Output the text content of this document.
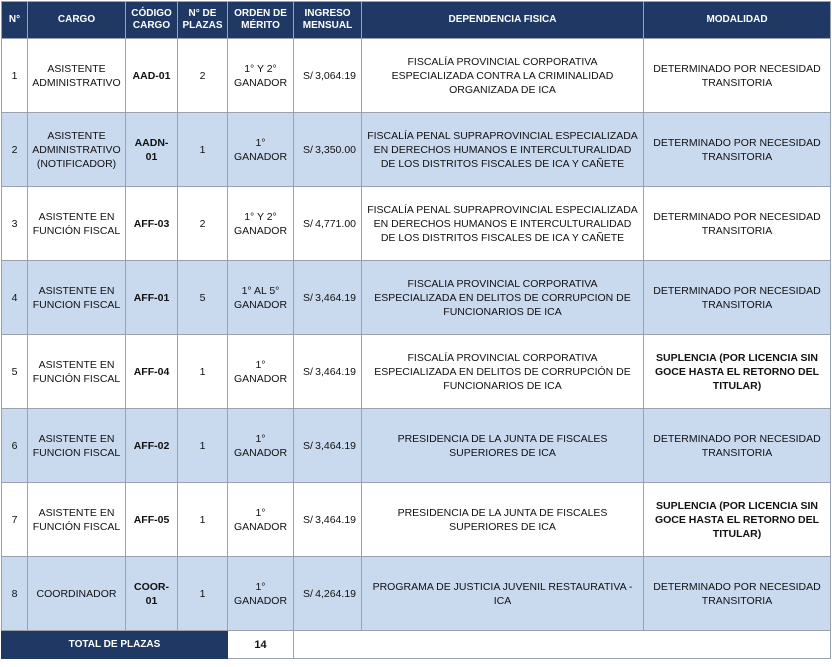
N°	CARGO	CÓDIGO CARGO	N° DE PLAZAS	ORDEN DE MÉRITO	INGRESO MENSUAL	DEPENDENCIA FISICA	MODALIDAD
1	ASISTENTE ADMINISTRATIVO	AAD-01	2	1° Y 2° GANADOR	S/ 3,064.19	FISCALÍA PROVINCIAL CORPORATIVA ESPECIALIZADA CONTRA LA CRIMINALIDAD ORGANIZADA DE ICA	DETERMINADO POR NECESIDAD TRANSITORIA
2	ASISTENTE ADMINISTRATIVO (NOTIFICADOR)	AADN-01	1	1° GANADOR	S/ 3,350.00	FISCALÍA PENAL SUPRAPROVINCIAL ESPECIALIZADA EN DERECHOS HUMANOS E INTERCULTURALIDAD DE LOS DISTRITOS FISCALES DE ICA Y CAÑETE	DETERMINADO POR NECESIDAD TRANSITORIA
3	ASISTENTE EN FUNCIÓN FISCAL	AFF-03	2	1° Y 2° GANADOR	S/ 4,771.00	FISCALÍA PENAL SUPRAPROVINCIAL ESPECIALIZADA EN DERECHOS HUMANOS E INTERCULTURALIDAD DE LOS DISTRITOS FISCALES DE ICA Y CAÑETE	DETERMINADO POR NECESIDAD TRANSITORIA
4	ASISTENTE EN FUNCION FISCAL	AFF-01	5	1° AL 5° GANADOR	S/ 3,464.19	FISCALIA PROVINCIAL CORPORATIVA ESPECIALIZADA EN DELITOS DE CORRUPCION DE FUNCIONARIOS DE ICA	DETERMINADO POR NECESIDAD TRANSITORIA
5	ASISTENTE EN FUNCIÓN FISCAL	AFF-04	1	1° GANADOR	S/ 3,464.19	FISCALÍA PROVINCIAL CORPORATIVA ESPECIALIZADA EN DELITOS DE CORRUPCIÓN DE FUNCIONARIOS DE ICA	SUPLENCIA (POR LICENCIA SIN GOCE HASTA EL RETORNO DEL TITULAR)
6	ASISTENTE EN FUNCION FISCAL	AFF-02	1	1° GANADOR	S/ 3,464.19	PRESIDENCIA DE LA JUNTA DE FISCALES SUPERIORES DE ICA	DETERMINADO POR NECESIDAD TRANSITORIA
7	ASISTENTE EN FUNCIÓN FISCAL	AFF-05	1	1° GANADOR	S/ 3,464.19	PRESIDENCIA DE LA JUNTA DE FISCALES SUPERIORES DE ICA	SUPLENCIA (POR LICENCIA SIN GOCE HASTA EL RETORNO DEL TITULAR)
8	COORDINADOR	COOR-01	1	1° GANADOR	S/ 4,264.19	PROGRAMA DE JUSTICIA JUVENIL RESTAURATIVA - ICA	DETERMINADO POR NECESIDAD TRANSITORIA
TOTAL DE PLAZAS				14			
